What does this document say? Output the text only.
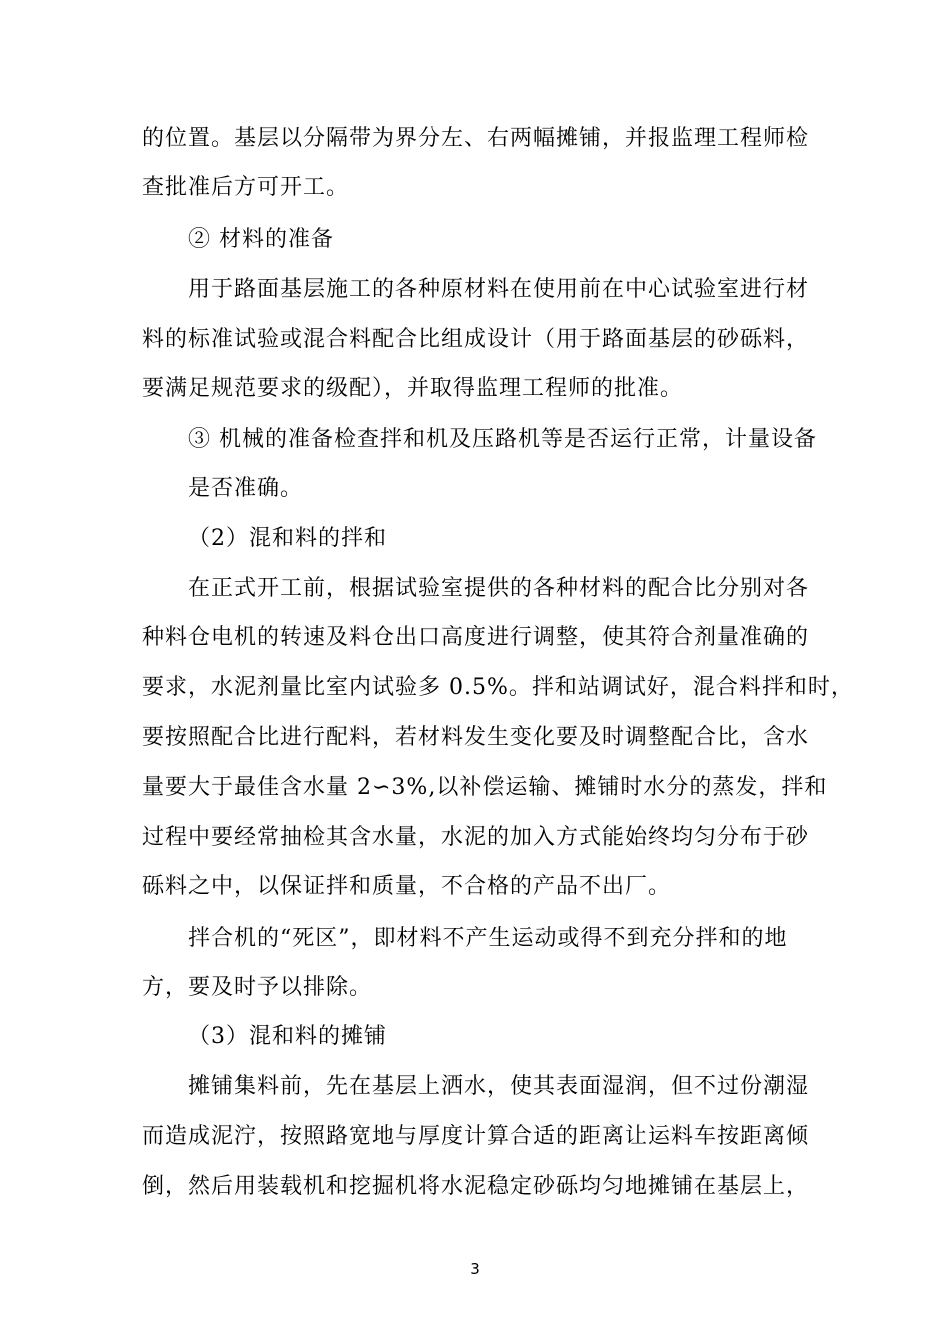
的位置。基层以分隔带为界分左、右两幅摊铺，并报监理工程师检
查批准后方可开工。
② 材料的准备
用于路面基层施工的各种原材料在使用前在中心试验室进行材
料的标准试验或混合料配合比组成设计（用于路面基层的砂砾料，
要满足规范要求的级配），并取得监理工程师的批准。
③ 机械的准备检查拌和机及压路机等是否运行正常，计量设备
是否准确。
（2）混和料的拌和
在正式开工前，根据试验室提供的各种材料的配合比分别对各
种料仓电机的转速及料仓出口高度进行调整，使其符合剂量准确的
要求，水泥剂量比室内试验多 0.5%。拌和站调试好，混合料拌和时，
要按照配合比进行配料，若材料发生变化要及时调整配合比，含水
量要大于最佳含水量 2∽3%,以补偿运输、摊铺时水分的蒸发，拌和
过程中要经常抽检其含水量，水泥的加入方式能始终均匀分布于砂
砾料之中，以保证拌和质量，不合格的产品不出厂。
拌合机的“死区”，即材料不产生运动或得不到充分拌和的地
方，要及时予以排除。
（3）混和料的摊铺
摊铺集料前，先在基层上洒水，使其表面湿润，但不过份潮湿
而造成泥泞，按照路宽地与厚度计算合适的距离让运料车按距离倾
倒，然后用装载机和挖掘机将水泥稳定砂砾均匀地摊铺在基层上，
3
